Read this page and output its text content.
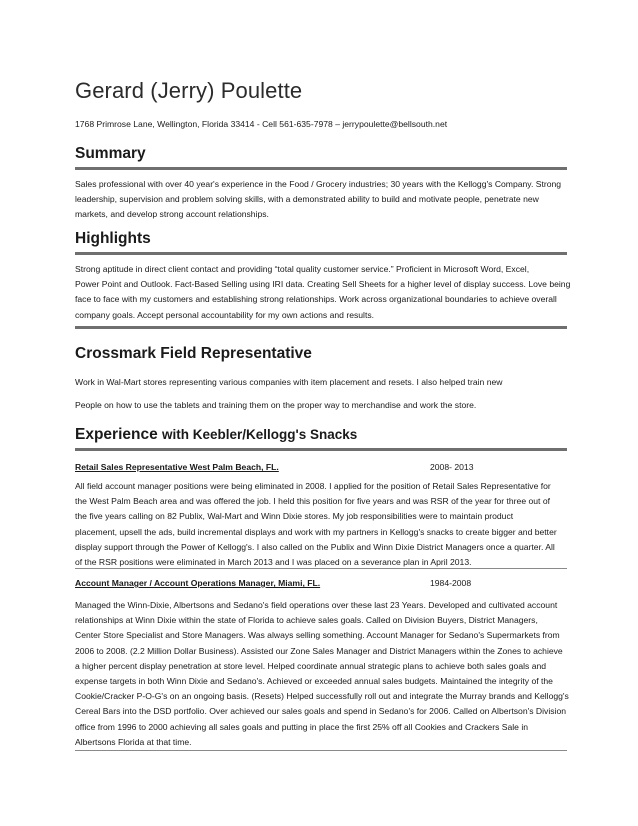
Gerard (Jerry) Poulette
1768 Primrose Lane, Wellington, Florida 33414 - Cell 561-635-7978 – jerrypoulette@bellsouth.net
Summary

Sales professional with over 40 year's experience in the Food / Grocery industries; 30 years with the Kellogg's Company. Strong
leadership, supervision and problem solving skills, with a demonstrated ability to build and motivate people, penetrate new
markets, and develop strong account relationships.

Highlights

Strong aptitude in direct client contact and providing “total quality customer service.” Proficient in Microsoft Word, Excel,
Power Point and Outlook. Fact-Based Selling using IRI data. Creating Sell Sheets for a higher level of display success. Love being
face to face with my customers and establishing strong relationships. Work across organizational boundaries to achieve overall
company goals. Accept personal accountability for my own actions and results.

Crossmark Field Representative

Work in Wal-Mart stores representing various companies with item placement and resets. I also helped train new

People on how to use the tablets and training them on the proper way to merchandise and work the store.

Experience with Keebler/Kellogg's Snacks
Retail Sales Representative West Palm Beach, FL.	2008- 2013

All field account manager positions were being eliminated in 2008. I applied for the position of Retail Sales Representative for
the West Palm Beach area and was offered the job. I held this position for five years and was RSR of the year for three out of
the five years calling on 82 Publix, Wal-Mart and Winn Dixie stores. My job responsibilities were to maintain product
placement, upsell the ads, build incremental displays and work with my partners in Kellogg's snacks to create bigger and better
display support through the Power of Kellogg's. I also called on the Publix and Winn Dixie District Managers once a quarter. All
of the RSR positions were eliminated in March 2013 and I was placed on a severance plan in April 2013.

Account Manager / Account Operations Manager, Miami, FL.	1984-2008

Managed the Winn-Dixie, Albertsons and Sedano's field operations over these last 23 Years. Developed and cultivated account
relationships at Winn Dixie within the state of Florida to achieve sales goals. Called on Division Buyers, District Managers,
Center Store Specialist and Store Managers. Was always selling something. Account Manager for Sedano's Supermarkets from
2006 to 2008. (2.2 Million Dollar Business). Assisted our Zone Sales Manager and District Managers within the Zones to achieve
a higher percent display penetration at store level. Helped coordinate annual strategic plans to achieve both sales goals and
expense targets in both Winn Dixie and Sedano's. Achieved or exceeded annual sales budgets. Maintained the integrity of the
Cookie/Cracker P-O-G's on an ongoing basis. (Resets) Helped successfully roll out and integrate the Murray brands and Kellogg's
Cereal Bars into the DSD portfolio. Over achieved our sales goals and spend in Sedano's for 2006. Called on Albertson's Division
office from 1996 to 2000 achieving all sales goals and putting in place the first 25% off all Cookies and Crackers Sale in
Albertsons Florida at that time.
